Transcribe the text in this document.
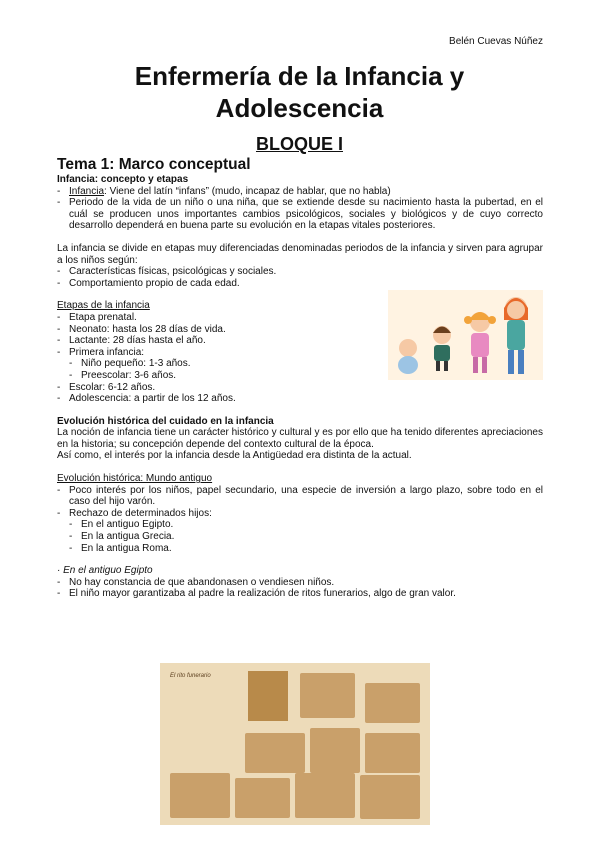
Belén Cuevas Núñez
Enfermería de la Infancia y
Adolescencia
BLOQUE I
Tema 1: Marco conceptual

Infancia: concepto y etapas

- Infancia: Viene del latín “infans” (mudo, incapaz de hablar, que no habla)
- Periodo de la vida de un niño o una niña, que se extiende desde su nacimiento hasta la pubertad, en el cuál se producen unos importantes cambios psicológicos, sociales y biológicos y de cuyo correcto desarrollo dependerá en buena parte su evolución en la etapas vitales posteriores.
La infancia se divide en etapas muy diferenciadas denominadas periodos de la infancia y sirven para agrupar a los niños según:
- Características físicas, psicológicas y sociales.
- Comportamiento propio de cada edad.
Etapas de la infancia
- Etapa prenatal.
- Neonato: hasta los 28 días de vida.
- Lactante: 28 días hasta el año.
- Primera infancia:
- Niño pequeño: 1-3 años.
- Preescolar: 3-6 años.
- Escolar: 6-12 años.
- Adolescencia: a partir de los 12 años.

Evolución histórica del cuidado en la infancia

La noción de infancia tiene un carácter histórico y cultural y es por ello que ha tenido diferentes apreciaciones en la historia; su concepción depende del contexto cultural de la época.
Así como, el interés por la infancia desde la Antigüedad era distinta de la actual.
Evolución histórica: Mundo antiguo
- Poco interés por los niños, papel secundario, una especie de inversión a largo plazo, sobre todo en el caso del hijo varón.
- Rechazo de determinados hijos:
- En el antiguo Egipto.
- En la antigua Grecia.
- En la antigua Roma.
· En el antiguo Egipto
- No hay constancia de que abandonasen o vendiesen niños.
- El niño mayor garantizaba al padre la realización de ritos funerarios, algo de gran valor.
El rito funerario
